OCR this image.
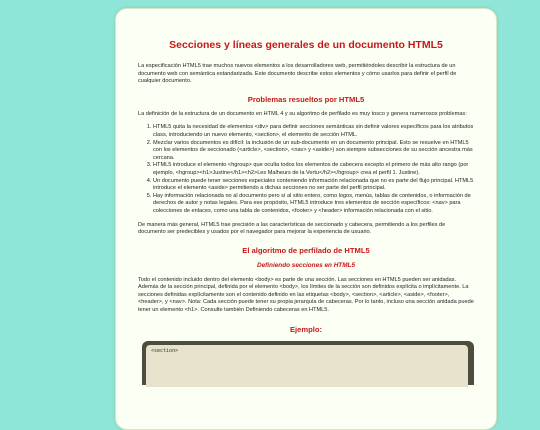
Secciones y líneas generales de un documento HTML5

La especificación HTML5 trae muchos nuevos elementos a los desarrolladores web, permitiéndoles describir la estructura de un documento web con semántica estandarizada. Este documento describe estos elementos y cómo usarlos para definir el perfil de cualquier documento.

Problemas resueltos por HTML5

La definición de la estructura de un documento en HTML 4 y su algoritmo de perfilado es muy tosco y genera numerosos problemas:

1. HTML5 quita la necesidad de elementos <div> para definir secciones semánticas sin definir valores específicos para los atributos class, introduciendo un nuevo elemento, <section>, el elemento de sección HTML.
2. Mezclar varios documentos es difícil: la inclusión de un sub-documento en un documento principal. Esto se resuelve en HTML5 con los elementos de seccionado (<article>, <section>, <nav> y <aside>) son siempre subsecciones de su sección ancestra más cercana.
3. HTML5 introduce el elemento <hgroup> que oculta todos los elementos de cabecera excepto el primero de más alto rango (por ejemplo, <hgroup><h1>Justine</h1><h2>Les Malheurs de la Vertu</h2></hgroup> crea el perfil 1. Justine).
4. Un documento puede tener secciones especiales conteniendo información relacionada que no es parte del flujo principal. HTML5 introduce el elemento <aside> permitiendo a dichas secciones no ser parte del perfil principal.
5. Hay información relacionada no al documento pero sí al sitio entero, como logos, menús, tablas de contenidos, o información de derechos de autor y notas legales. Para ese propósito, HTML5 introduce tres elementos de sección específicos: <nav> para colecciones de enlaces, como una tabla de contenidos, <footer> y <header> información relacionada con el sitio.

De manera más general, HTML5 trae precisión a las características de seccionado y cabecera, permitiendo a los perfiles de documento ser predecibles y usados por el navegador para mejorar la experiencia de usuario.

El algoritmo de perfilado de HTML5
Definiendo secciones en HTML5

Todo el contenido incluido dentro del elemento <body> es parte de una sección. Las secciones en HTML5 pueden ser anidadas. Además de la sección principal, definida por el elemento <body>, los límites de la sección son definidos explícita o implícitamente. La secciones definidas explícitamente son el contenido definido en las etiquetas <body>, <section>, <article>, <aside>, <footer>, <header>, y <nav>. Nota: Cada sección puede tener su propia jerarquía de cabeceras. Por lo tanto, incluso una sección anidada puede tener un elemento <h1>. Consulte también Definiendo cabeceras en HTML5.

Ejemplo:
<section>
